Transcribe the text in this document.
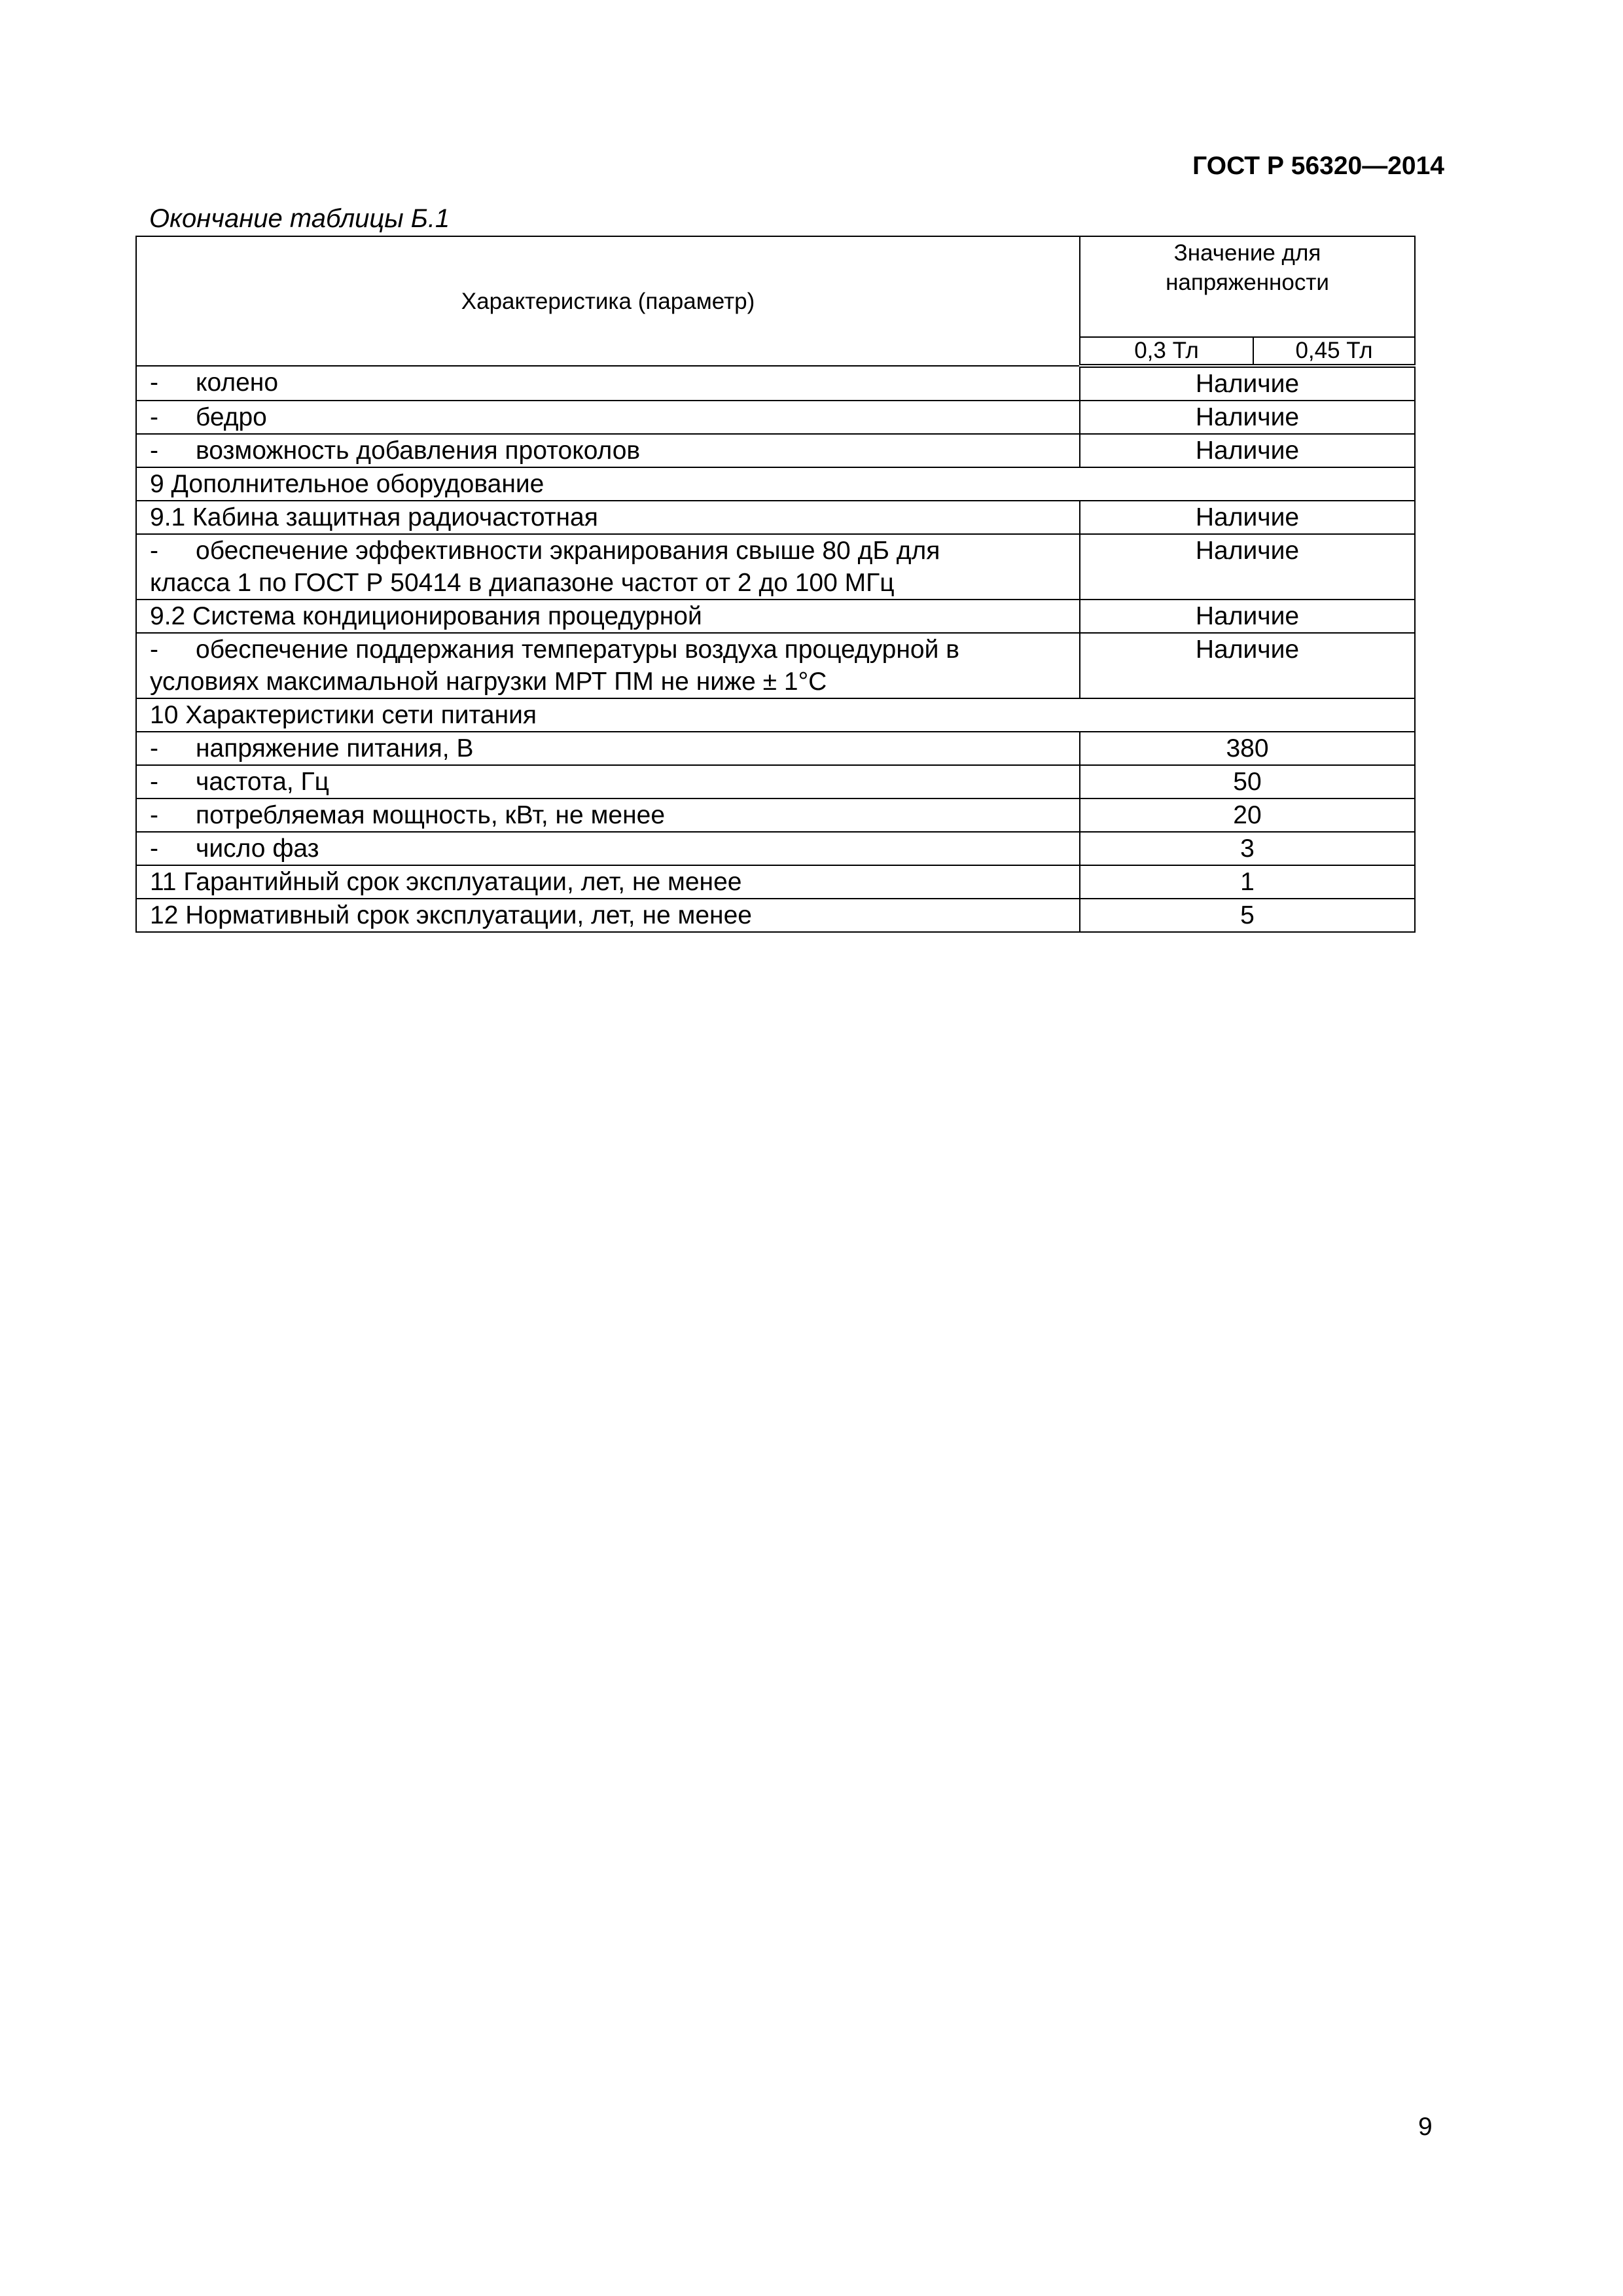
ГОСТ Р 56320—2014
Окончание таблицы Б.1
Характеристика (параметр)	Значение для напряженности	
	0,3 Тл	0,45 Тл
- колено	Наличие	
- бедро	Наличие	
- возможность добавления протоколов	Наличие	
9 Дополнительное оборудование		
9.1 Кабина защитная радиочастотная	Наличие	
- обеспечение эффективности экранирования свыше 80 дБ для
класса 1 по ГОСТ Р 50414 в диапазоне частот от 2 до 100 МГц	Наличие	
9.2 Система кондиционирования процедурной	Наличие	
- обеспечение поддержания температуры воздуха процедурной в
условиях максимальной нагрузки МРТ ПМ не ниже ± 1°С	Наличие	
10 Характеристики сети питания		
- напряжение питания, В	380	
- частота, Гц	50	
- потребляемая мощность, кВт, не менее	20	
- число фаз	3	
11 Гарантийный срок эксплуатации, лет, не менее	1	
12 Нормативный срок эксплуатации, лет, не менее	5	
9
